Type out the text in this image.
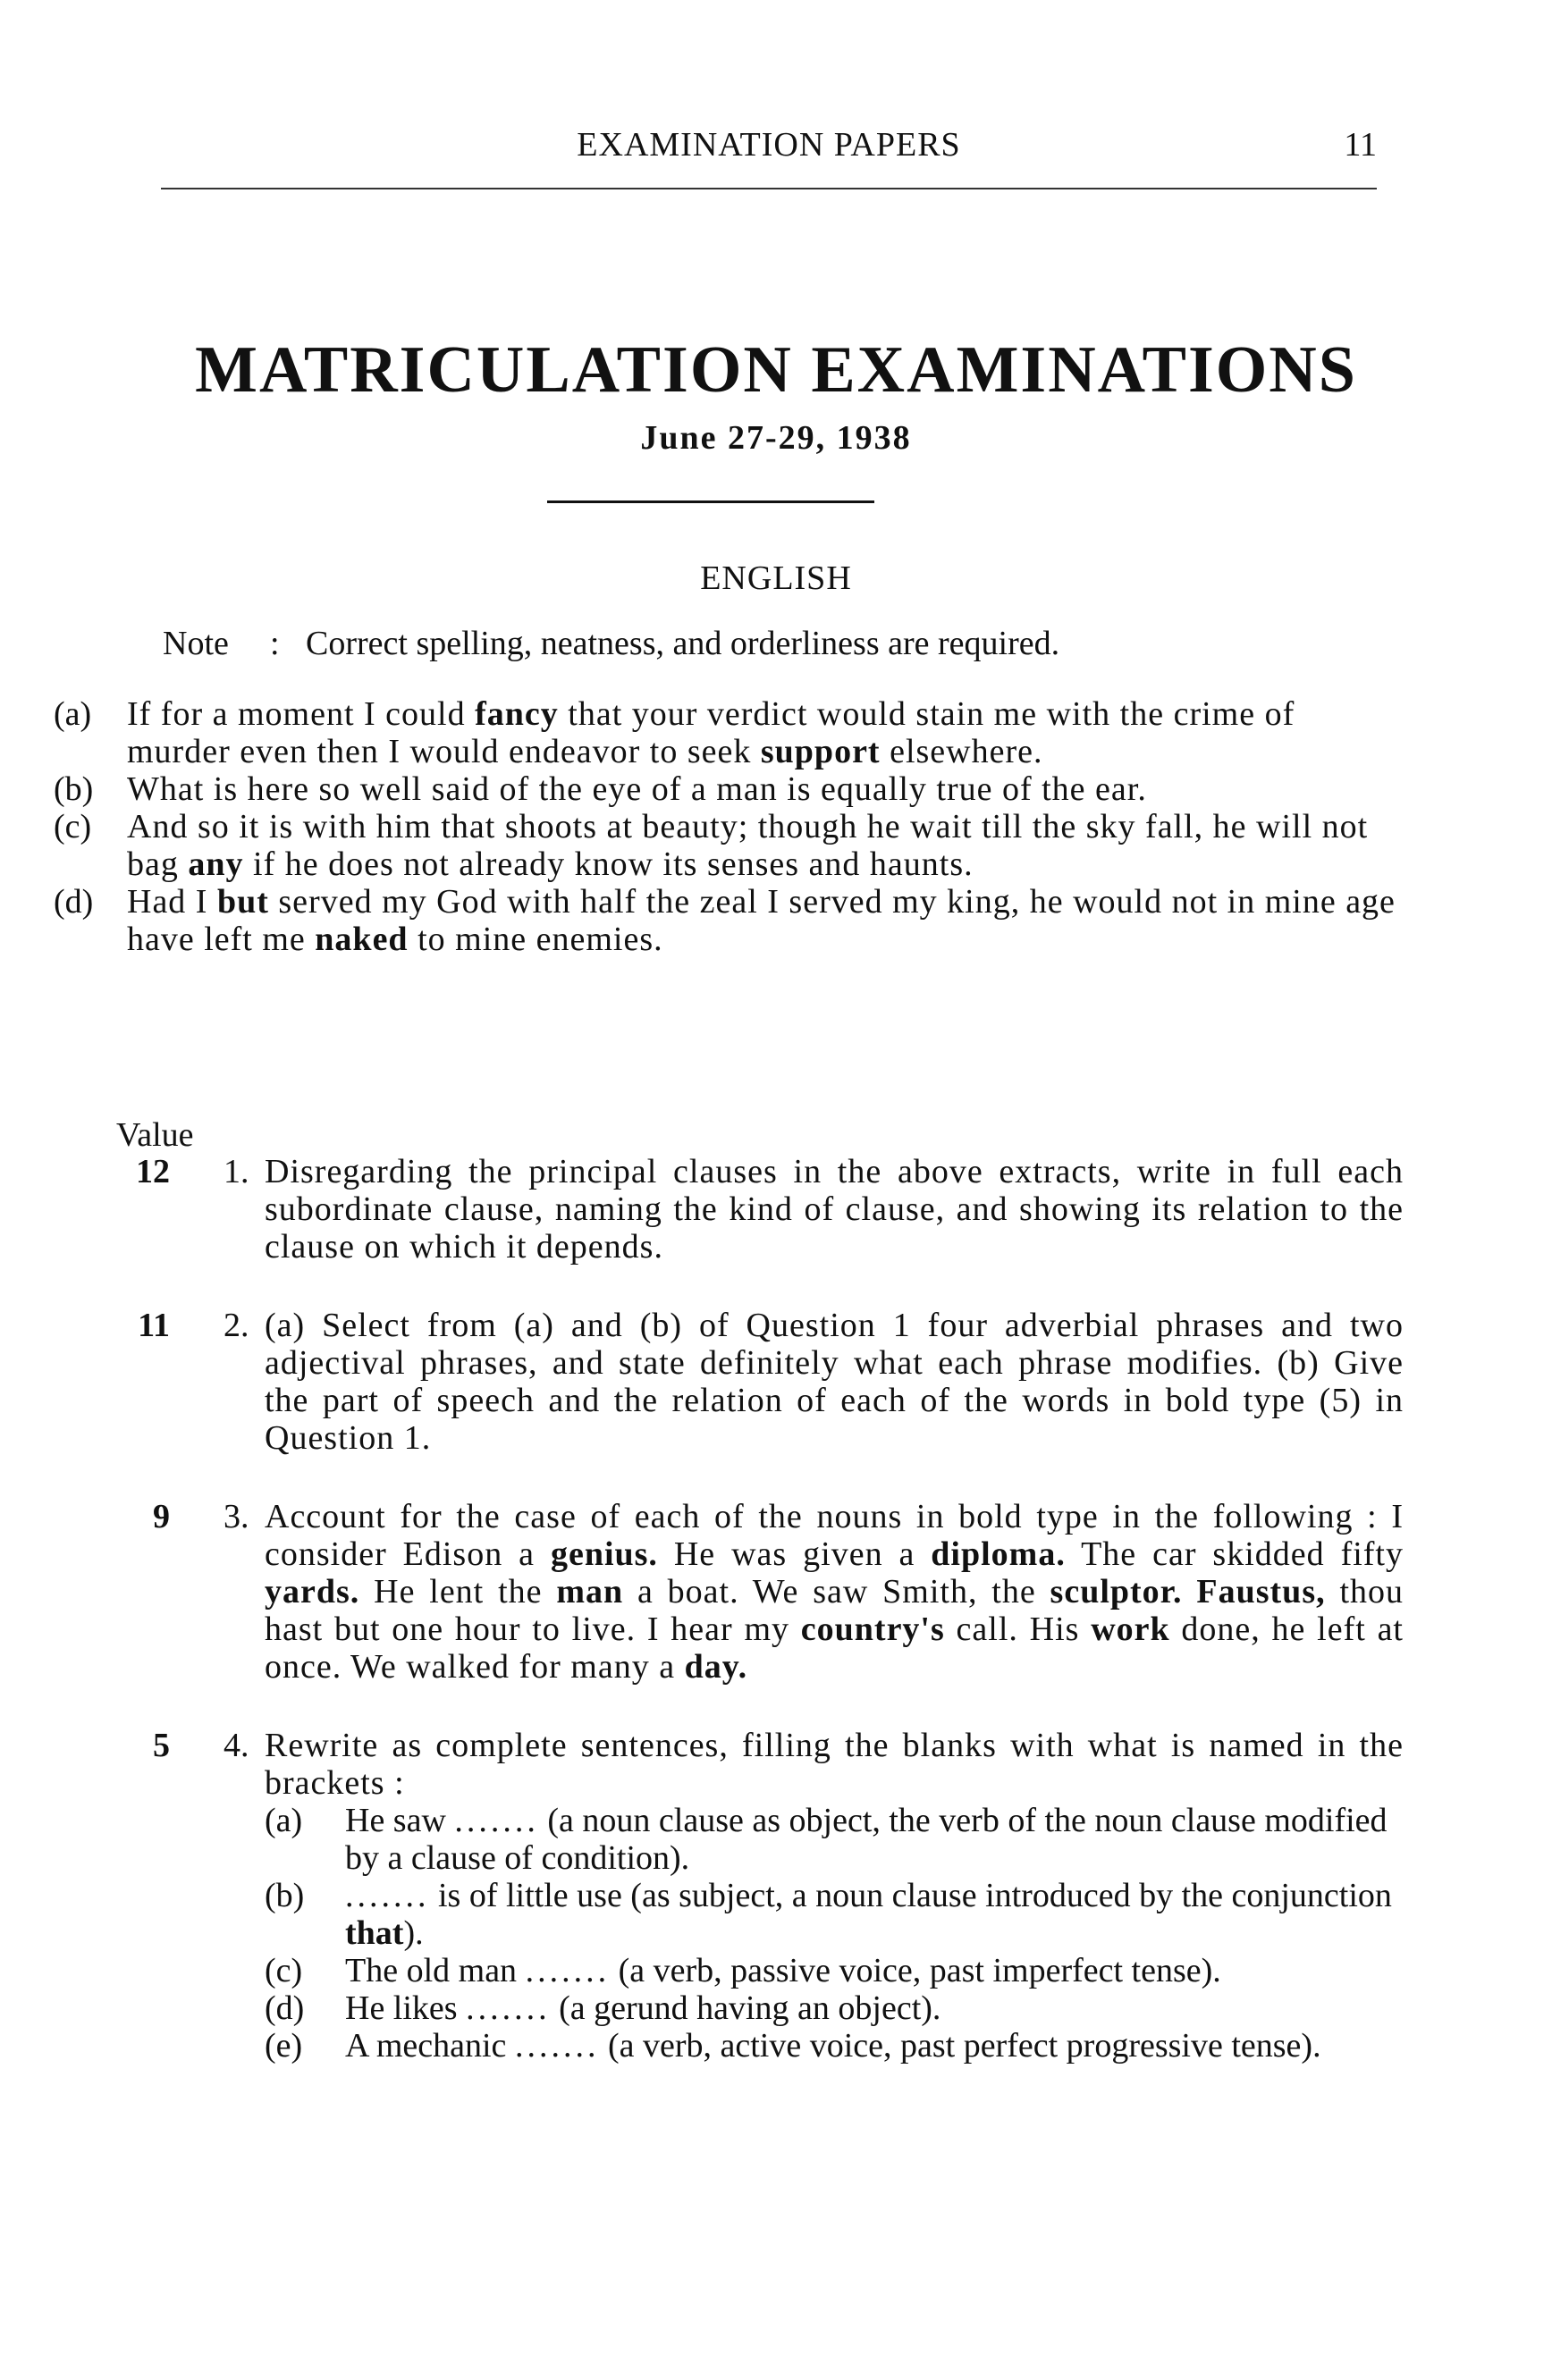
EXAMINATION PAPERS	11
MATRICULATION EXAMINATIONS
June 27-29, 1938
ENGLISH
Note : Correct spelling, neatness, and orderliness are required.

(a)	If for a moment I could fancy that your verdict would stain me with the crime of murder even then I would endeavor to seek support elsewhere.

(b) What is here so well said of the eye of a man is equally true of the ear.

(c)	And so it is with him that shoots at beauty; though he wait till the sky fall, he will not bag any if he does not already know its senses and haunts.

(d) Had I but served my God with half the zeal I served my king, he would not in mine age have left me naked to mine enemies.

Value
12 1. Disregarding the principal clauses in the above extracts, write in full each subordinate clause, naming the kind of clause, and showing its relation to the clause on which it depends.
11 2. (a) Select from (a) and (b) of Question 1 four adverbial phrases and two adjectival phrases, and state definitely what each phrase modifies. (b) Give the part of speech and the relation of each of the words in bold type (5) in Question 1.
9 3. Account for the case of each of the nouns in bold type in the following : I consider Edison a genius. He was given a diploma. The car skidded fifty yards. He lent the man a boat. We saw Smith, the sculptor. Faustus, thou hast but one hour to live. I hear my country's call. His work done, he left at once. We walked for many a day.
5 4. Rewrite as complete sentences, filling the blanks with what is named in the brackets :
(a) He saw ....... (a noun clause as object, the verb of the noun clause modified by a clause of condition).
(b) ....... is of little use (as subject, a noun clause introduced by the conjunction that).
(c) The old man ....... (a verb, passive voice, past imperfect tense).
(d) He likes ....... (a gerund having an object).
(e) A mechanic ....... (a verb, active voice, past perfect progressive tense).
